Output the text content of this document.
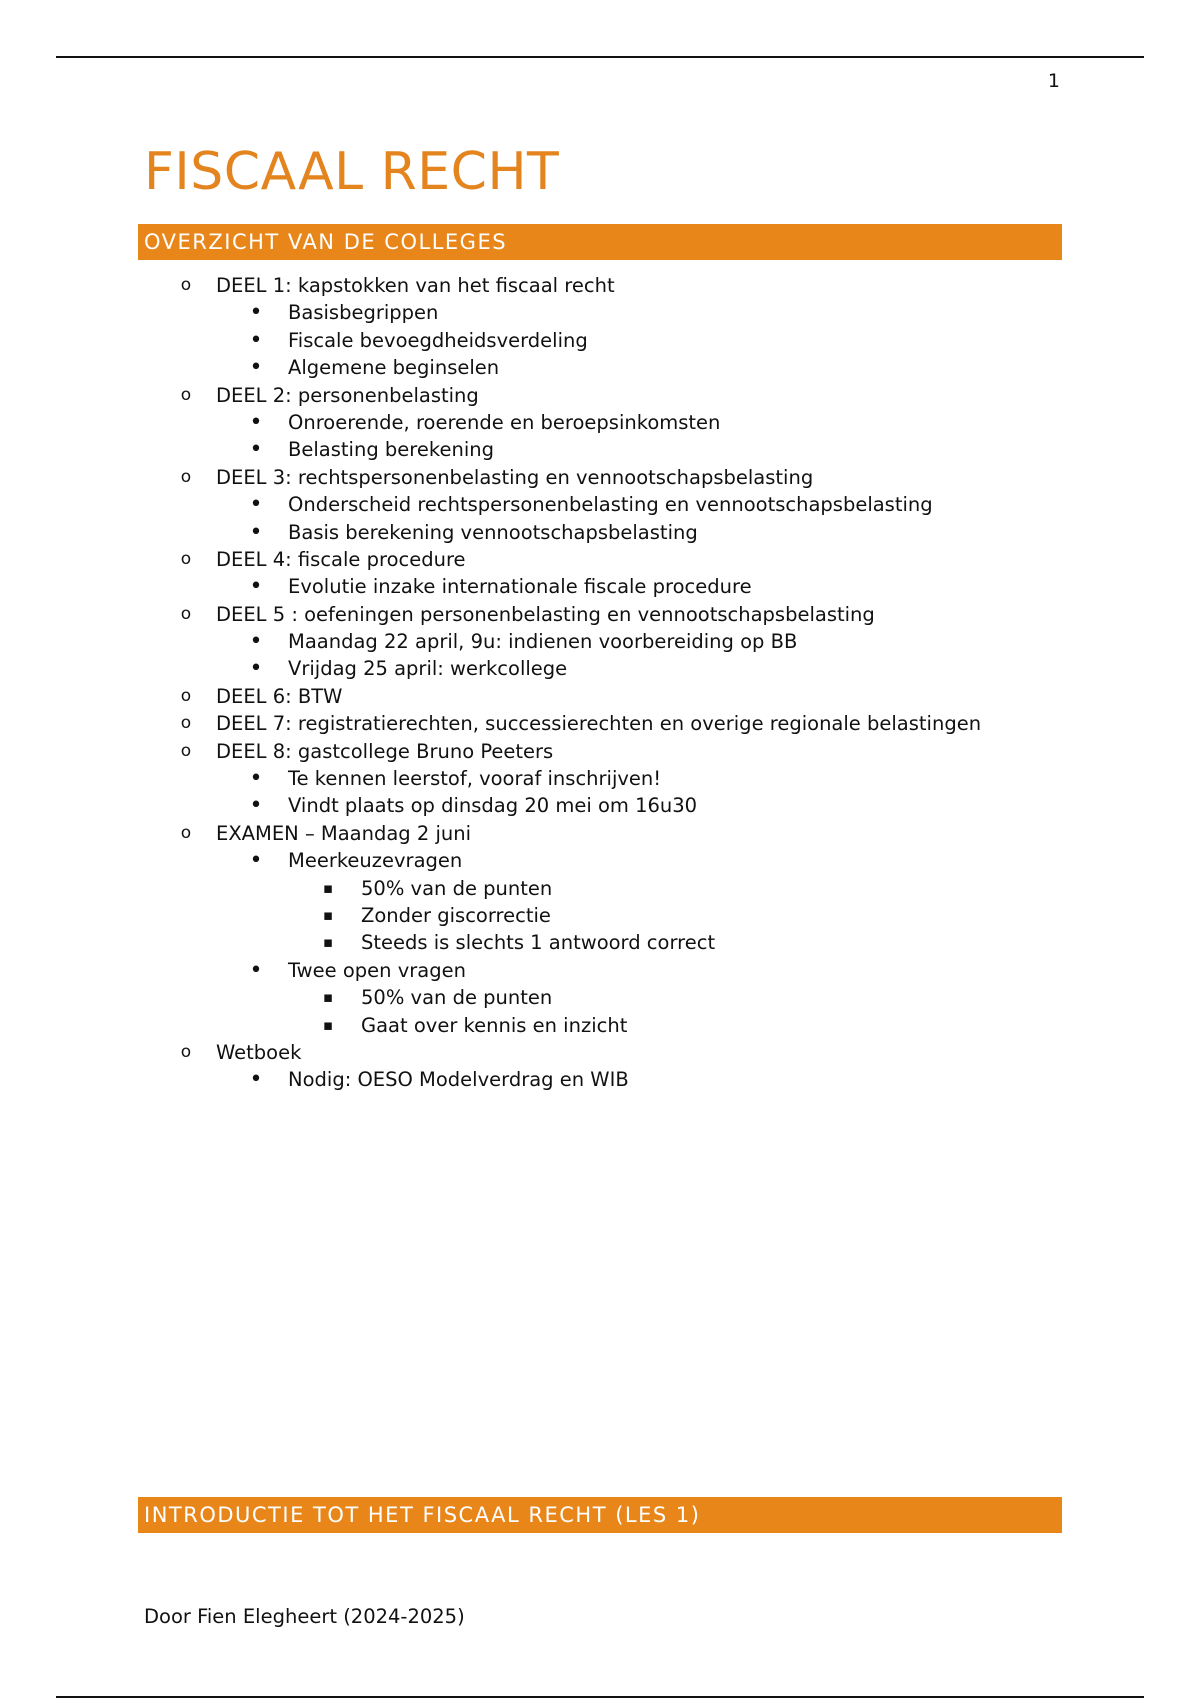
1
FISCAAL RECHT
OVERZICHT VAN DE COLLEGES
o DEEL 1: kapstokken van het fiscaal recht
• Basisbegrippen
• Fiscale bevoegdheidsverdeling
• Algemene beginselen
o DEEL 2: personenbelasting
• Onroerende, roerende en beroepsinkomsten
• Belasting berekening
o DEEL 3: rechtspersonenbelasting en vennootschapsbelasting
• Onderscheid rechtspersonenbelasting en vennootschapsbelasting
• Basis berekening vennootschapsbelasting
o DEEL 4: fiscale procedure
• Evolutie inzake internationale fiscale procedure
o DEEL 5 : oefeningen personenbelasting en vennootschapsbelasting
• Maandag 22 april, 9u: indienen voorbereiding op BB
• Vrijdag 25 april: werkcollege
o DEEL 6: BTW
o DEEL 7: registratierechten, successierechten en overige regionale belastingen
o DEEL 8: gastcollege Bruno Peeters
• Te kennen leerstof, vooraf inschrijven!
• Vindt plaats op dinsdag 20 mei om 16u30
o EXAMEN – Maandag 2 juni
• Meerkeuzevragen
▪ 50% van de punten
▪ Zonder giscorrectie
▪ Steeds is slechts 1 antwoord correct
• Twee open vragen
▪ 50% van de punten
▪ Gaat over kennis en inzicht
o Wetboek
• Nodig: OESO Modelverdrag en WIB
INTRODUCTIE TOT HET FISCAAL RECHT (LES 1)
Door Fien Elegheert (2024-2025)
